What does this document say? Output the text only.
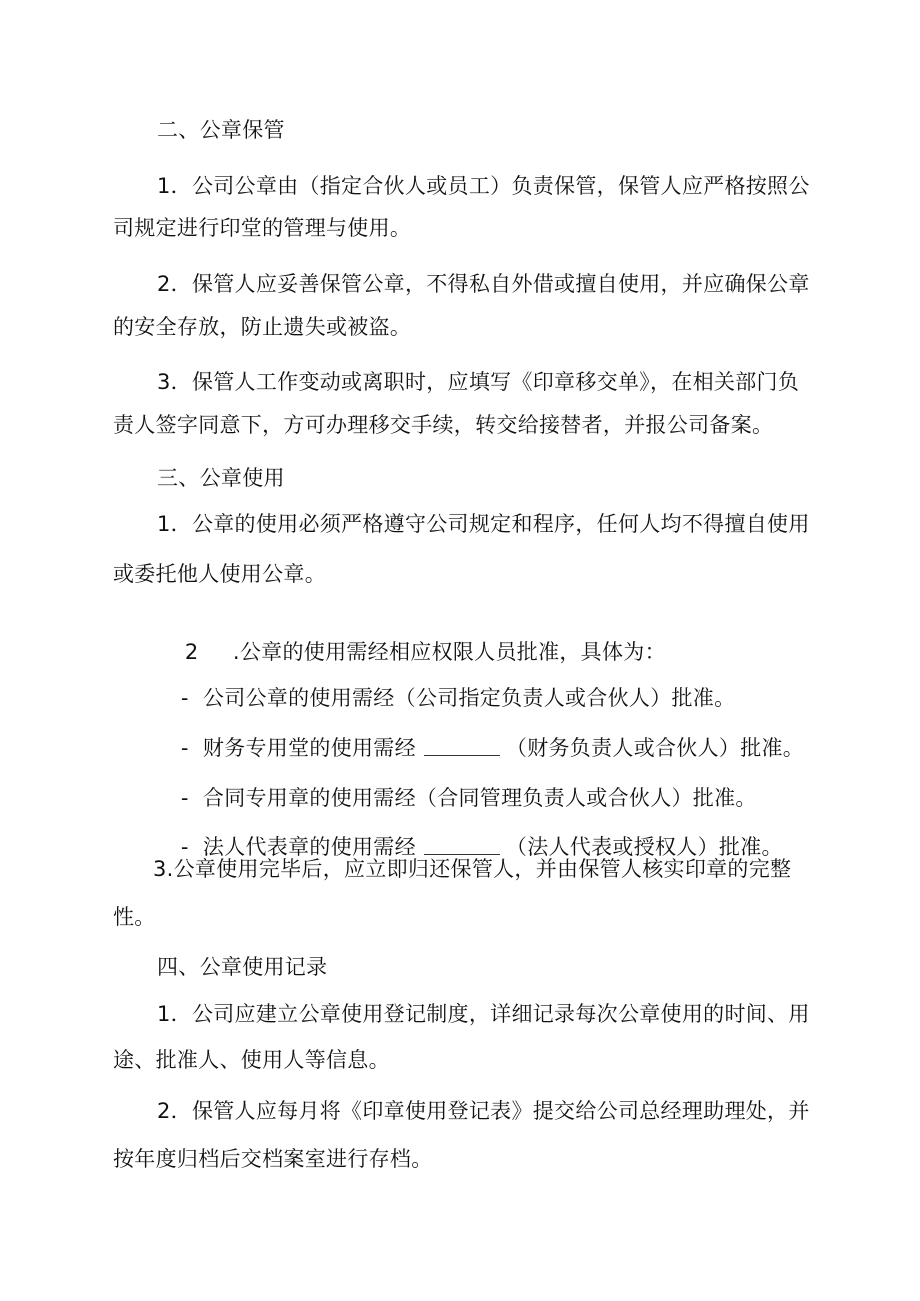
二、公章保管
1．公司公章由（指定合伙人或员工）负责保管，保管人应严格按照公
司规定进行印堂的管理与使用。
2．保管人应妥善保管公章，不得私自外借或擅自使用，并应确保公章
的安全存放，防止遗失或被盗。
3．保管人工作变动或离职时，应填写《印章移交单》，在相关部门负
责人签字同意下，方可办理移交手续，转交给接替者，并报公司备案。
三、公章使用
1．公章的使用必须严格遵守公司规定和程序，任何人均不得擅自使用
或委托他人使用公章。

2 .公章的使用需经相应权限人员批准，具体为：

- 公司公章的使用需经（公司指定负责人或合伙人）批准。

- 财务专用堂的使用需经	（财务负责人或合伙人）批准。

- 合同专用章的使用需经（合同管理负责人或合伙人）批准。

- 法人代表章的使用需经	（法人代表或授权人）批准。

3.公章使用完毕后，应立即归还保管人，并由保管人核实印章的完整
性。
四、公章使用记录
1．公司应建立公章使用登记制度，详细记录每次公章使用的时间、用
途、批准人、使用人等信息。
2．保管人应每月将《印章使用登记表》提交给公司总经理助理处，并
按年度归档后交档案室进行存档。
